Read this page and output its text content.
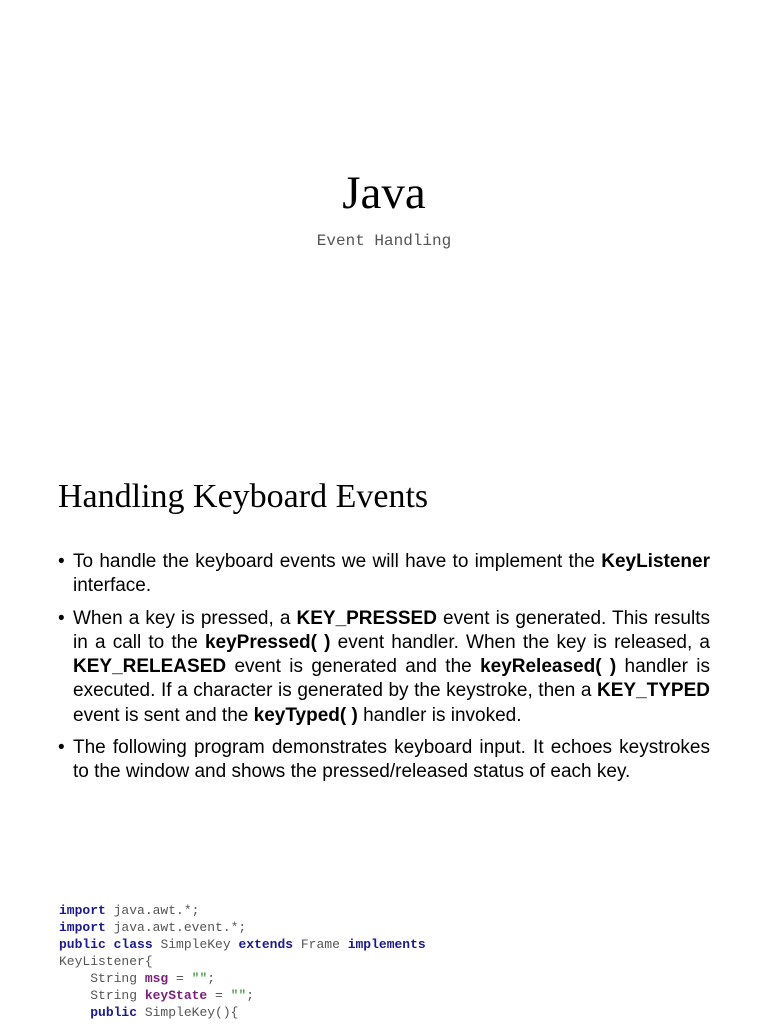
Java
Event Handling
Handling Keyboard Events
• To handle the keyboard events we will have to implement the KeyListener interface.
• When a key is pressed, a KEY_PRESSED event is generated. This results in a call to the keyPressed( ) event handler. When the key is released, a KEY_RELEASED event is generated and the keyReleased( ) handler is executed. If a character is generated by the keystroke, then a KEY_TYPED event is sent and the keyTyped( ) handler is invoked.
• The following program demonstrates keyboard input. It echoes keystrokes to the window and shows the pressed/released status of each key.
import java.awt.*;
import java.awt.event.*;
public class SimpleKey extends Frame implements
KeyListener{
String msg = "";
String keyState = "";
public SimpleKey(){
